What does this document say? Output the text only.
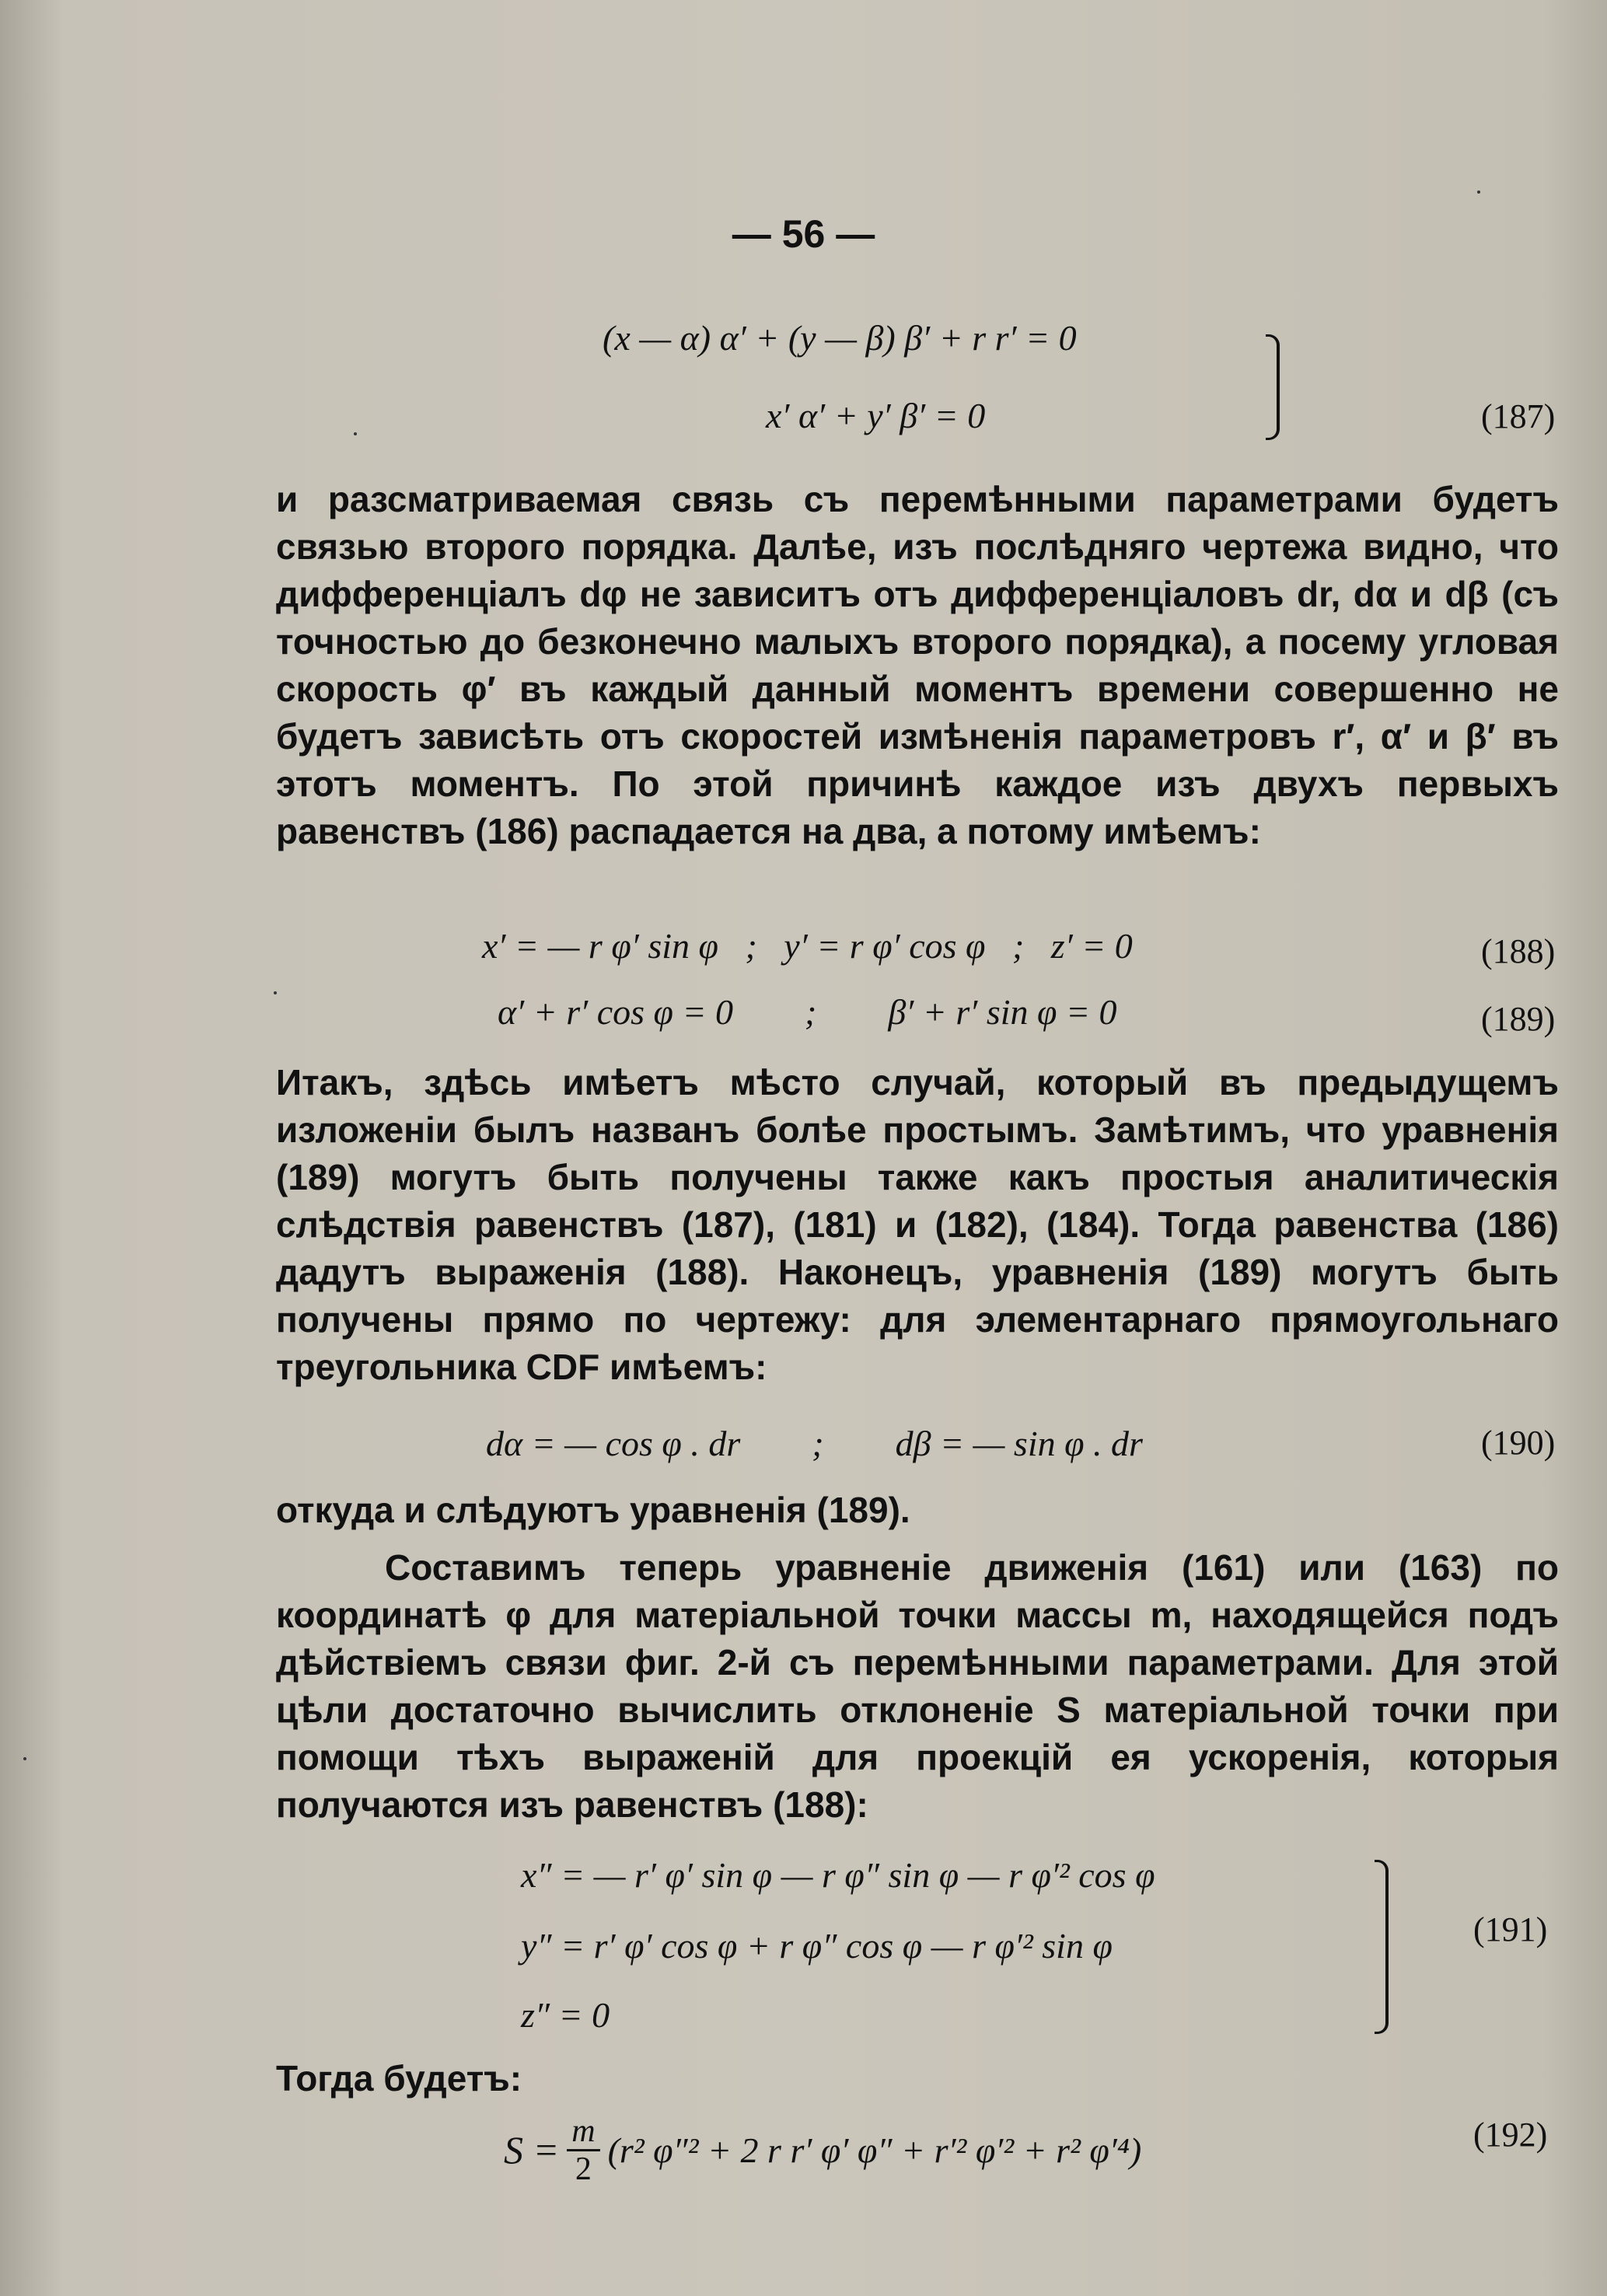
— 56 —
(x — α) α′ + (y — β) β′ + r r′ = 0
x′ α′ + y′ β′ = 0	(187)
и разсматриваемая связь съ перемѣнными параметрами будетъ связью второго порядка. Далѣе, изъ послѣдняго чертежа видно, что дифференціалъ dφ не зависитъ отъ дифференціаловъ dr, dα и dβ (съ точностью до безконечно малыхъ второго порядка), а посему угловая скорость φ′ въ каждый данный моментъ времени совершенно не будетъ зависѣть отъ скоростей измѣненія параметровъ r′, α′ и β′ въ этотъ моментъ. По этой причинѣ каждое изъ двухъ первыхъ равенствъ (186) распадается на два, а потому имѣемъ:
x′ = — r φ′ sin φ   ;   y′ = r φ′ cos φ   ;   z′ = 0	(188)
α′ + r′ cos φ = 0        ;        β′ + r′ sin φ = 0	(189)
Итакъ, здѣсь имѣетъ мѣсто случай, который въ предыдущемъ изложеніи былъ названъ болѣе простымъ. Замѣтимъ, что уравненія (189) могутъ быть получены также какъ простыя аналитическія слѣдствія равенствъ (187), (181) и (182), (184). Тогда равенства (186) дадутъ выраженія (188). Наконецъ, уравненія (189) могутъ быть получены прямо по чертежу: для элементарнаго прямоугольнаго треугольника CDF имѣемъ:
dα = — cos φ . dr        ;        dβ = — sin φ . dr	(190)
откуда и слѣдуютъ уравненія (189).
Составимъ теперь уравненіе движенія (161) или (163) по координатѣ φ для матеріальной точки массы m, находящейся подъ дѣйствіемъ связи фиг. 2-й съ перемѣнными параметрами. Для этой цѣли достаточно вычислить отклоненіе S матеріальной точки при помощи тѣхъ выраженій для проекцій ея ускоренія, которыя получаются изъ равенствъ (188):
x″ = — r′ φ′ sin φ — r φ″ sin φ — r φ′² cos φ
y″ = r′ φ′ cos φ + r φ″ cos φ — r φ′² sin φ
z″ = 0
(191)
Тогда будетъ:
$S = \frac{m}{2} (r^2$ φ″² + 2 r r′ φ′ φ″ + r′² φ′² + r² φ′⁴)	(192)
